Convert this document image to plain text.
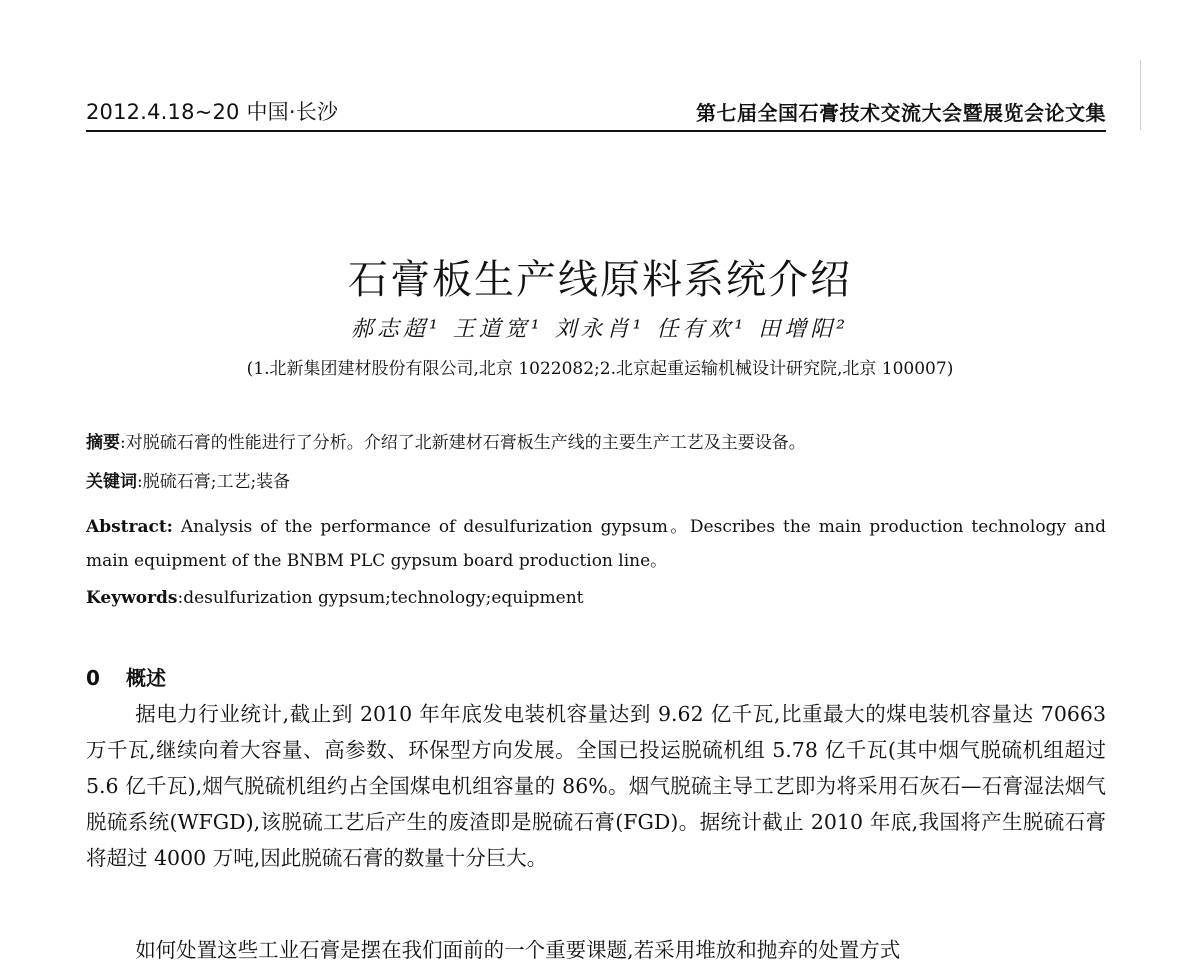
2012.4.18~20 中国·长沙	第七届全国石膏技术交流大会暨展览会论文集
石膏板生产线原料系统介绍
郝志超¹ 王道宽¹ 刘永肖¹ 任有欢¹ 田增阳²
(1.北新集团建材股份有限公司,北京 1022082;2.北京起重运输机械设计研究院,北京 100007)
摘要:对脱硫石膏的性能进行了分析。介绍了北新建材石膏板生产线的主要生产工艺及主要设备。
关键词:脱硫石膏;工艺;装备
Abstract: Analysis of the performance of desulfurization gypsum。Describes the main production technology and main equipment of the BNBM PLC gypsum board production line。
Keywords:desulfurization gypsum;technology;equipment
0 概述
据电力行业统计,截止到 2010 年年底发电装机容量达到 9.62 亿千瓦,比重最大的煤电装机容量达 70663 万千瓦,继续向着大容量、高参数、环保型方向发展。全国已投运脱硫机组 5.78 亿千瓦(其中烟气脱硫机组超过 5.6 亿千瓦),烟气脱硫机组约占全国煤电机组容量的 86%。烟气脱硫主导工艺即为将采用石灰石—石膏湿法烟气脱硫系统(WFGD),该脱硫工艺后产生的废渣即是脱硫石膏(FGD)。据统计截止 2010 年底,我国将产生脱硫石膏将超过 4000 万吨,因此脱硫石膏的数量十分巨大。
如何处置这些工业石膏是摆在我们面前的一个重要课题,若采用堆放和抛弃的处置方式
